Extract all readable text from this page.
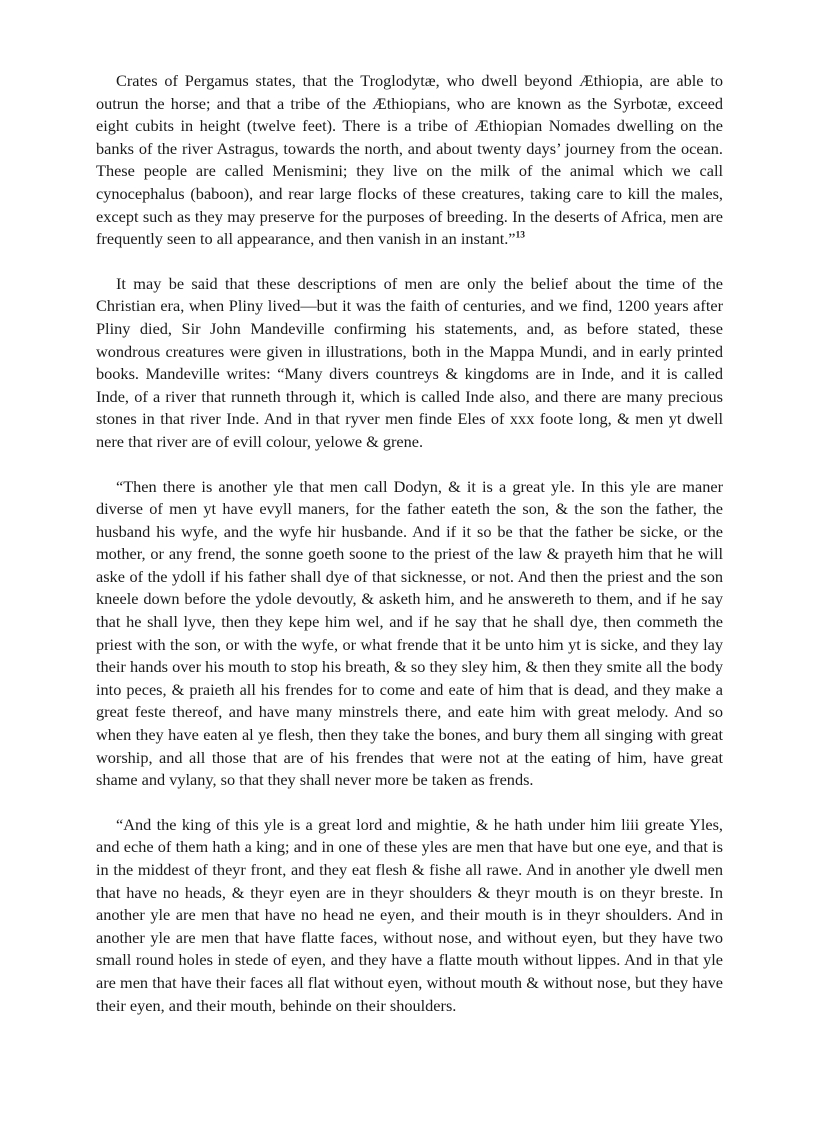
Crates of Pergamus states, that the Troglodytæ, who dwell beyond Æthiopia, are able to outrun the horse; and that a tribe of the Æthiopians, who are known as the Syrbotæ, exceed eight cubits in height (twelve feet). There is a tribe of Æthiopian Nomades dwelling on the banks of the river Astragus, towards the north, and about twenty days’ journey from the ocean. These people are called Menismini; they live on the milk of the animal which we call cynocephalus (baboon), and rear large flocks of these creatures, taking care to kill the males, except such as they may preserve for the purposes of breeding. In the deserts of Africa, men are frequently seen to all appearance, and then vanish in an instant.”$^{13}$

It may be said that these descriptions of men are only the belief about the time of the Christian era, when Pliny lived—but it was the faith of centuries, and we find, 1200 years after Pliny died, Sir John Mandeville confirming his statements, and, as before stated, these wondrous creatures were given in illustrations, both in the Mappa Mundi, and in early printed books. Mandeville writes: “Many divers countreys & kingdoms are in Inde, and it is called Inde, of a river that runneth through it, which is called Inde also, and there are many precious stones in that river Inde. And in that ryver men finde Eles of xxx foote long, & men yt dwell nere that river are of evill colour, yelowe & grene.

“Then there is another yle that men call Dodyn, & it is a great yle. In this yle are maner diverse of men yt have evyll maners, for the father eateth the son, & the son the father, the husband his wyfe, and the wyfe hir husbande. And if it so be that the father be sicke, or the mother, or any frend, the sonne goeth soone to the priest of the law & prayeth him that he will aske of the ydoll if his father shall dye of that sicknesse, or not. And then the priest and the son kneele down before the ydole devoutly, & asketh him, and he answereth to them, and if he say that he shall lyve, then they kepe him wel, and if he say that he shall dye, then commeth the priest with the son, or with the wyfe, or what frende that it be unto him yt is sicke, and they lay their hands over his mouth to stop his breath, & so they sley him, & then they smite all the body into peces, & praieth all his frendes for to come and eate of him that is dead, and they make a great feste thereof, and have many minstrels there, and eate him with great melody. And so when they have eaten al ye flesh, then they take the bones, and bury them all singing with great worship, and all those that are of his frendes that were not at the eating of him, have great shame and vylany, so that they shall never more be taken as frends.

“And the king of this yle is a great lord and mightie, & he hath under him liii greate Yles, and eche of them hath a king; and in one of these yles are men that have but one eye, and that is in the middest of theyr front, and they eat flesh & fishe all rawe. And in another yle dwell men that have no heads, & theyr eyen are in theyr shoulders & theyr mouth is on theyr breste. In another yle are men that have no head ne eyen, and their mouth is in theyr shoulders. And in another yle are men that have flatte faces, without nose, and without eyen, but they have two small round holes in stede of eyen, and they have a flatte mouth without lippes. And in that yle are men that have their faces all flat without eyen, without mouth & without nose, but they have their eyen, and their mouth, behinde on their shoulders.
